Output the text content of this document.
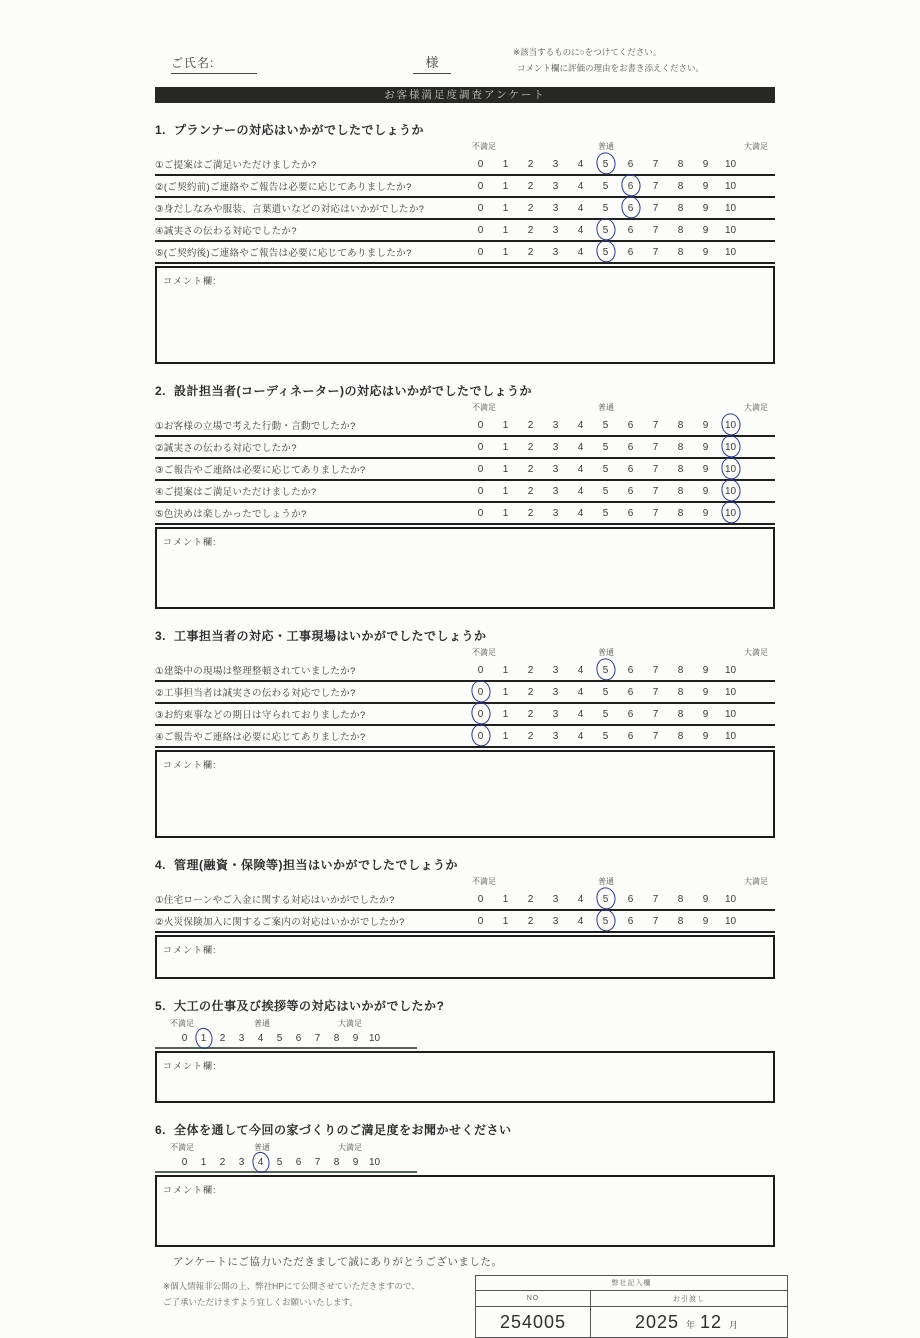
ご氏名:	様
※該当するものに○をつけてください。
コメント欄に評価の理由をお書き添えください。
お客様満足度調査アンケート
1. プランナーの対応はいかがでしたでしょうか
不満足	普通	大満足
①ご提案はご満足いただけましたか?	0	1	2	3	4	5	6	7	8	9	10
②(ご契約前)ご連絡やご報告は必要に応じてありましたか?	0	1	2	3	4	5	6	7	8	9	10
③身だしなみや服装、言葉遣いなどの対応はいかがでしたか?	0	1	2	3	4	5	6	7	8	9	10
④誠実さの伝わる対応でしたか?	0	1	2	3	4	5	6	7	8	9	10
⑤(ご契約後)ご連絡やご報告は必要に応じてありましたか?	0	1	2	3	4	5	6	7	8	9	10
コメント欄:
2. 設計担当者(コーディネーター)の対応はいかがでしたでしょうか
不満足	普通	大満足
①お客様の立場で考えた行動・言動でしたか?	0	1	2	3	4	5	6	7	8	9	10
②誠実さの伝わる対応でしたか?	0	1	2	3	4	5	6	7	8	9	10
③ご報告やご連絡は必要に応じてありましたか?	0	1	2	3	4	5	6	7	8	9	10
④ご提案はご満足いただけましたか?	0	1	2	3	4	5	6	7	8	9	10
⑤色決めは楽しかったでしょうか?	0	1	2	3	4	5	6	7	8	9	10
コメント欄:
3. 工事担当者の対応・工事現場はいかがでしたでしょうか
不満足	普通	大満足
①建築中の現場は整理整頓されていましたか?	0	1	2	3	4	5	6	7	8	9	10
②工事担当者は誠実さの伝わる対応でしたか?	0	1	2	3	4	5	6	7	8	9	10
③お約束事などの期日は守られておりましたか?	0	1	2	3	4	5	6	7	8	9	10
④ご報告やご連絡は必要に応じてありましたか?	0	1	2	3	4	5	6	7	8	9	10
コメント欄:
4. 管理(融資・保険等)担当はいかがでしたでしょうか
不満足	普通	大満足
①住宅ローンやご入金に関する対応はいかがでしたか?	0	1	2	3	4	5	6	7	8	9	10
②火災保険加入に関するご案内の対応はいかがでしたか?	0	1	2	3	4	5	6	7	8	9	10
コメント欄:
5. 大工の仕事及び挨拶等の対応はいかがでしたか?
不満足	普通	大満足
0	1	2	3	4	5	6	7	8	9	10
コメント欄:
6. 全体を通して今回の家づくりのご満足度をお聞かせください
不満足	普通	大満足
0	1	2	3	4	5	6	7	8	9	10
コメント欄:
アンケートにご協力いただきまして誠にありがとうございました。
※個人情報非公開の上、弊社HPにて公開させていただきますので、
ご了承いただけますよう宜しくお願いいたします。
弊社記入欄	
NO	お引渡し
254005	2025 年 12 月
